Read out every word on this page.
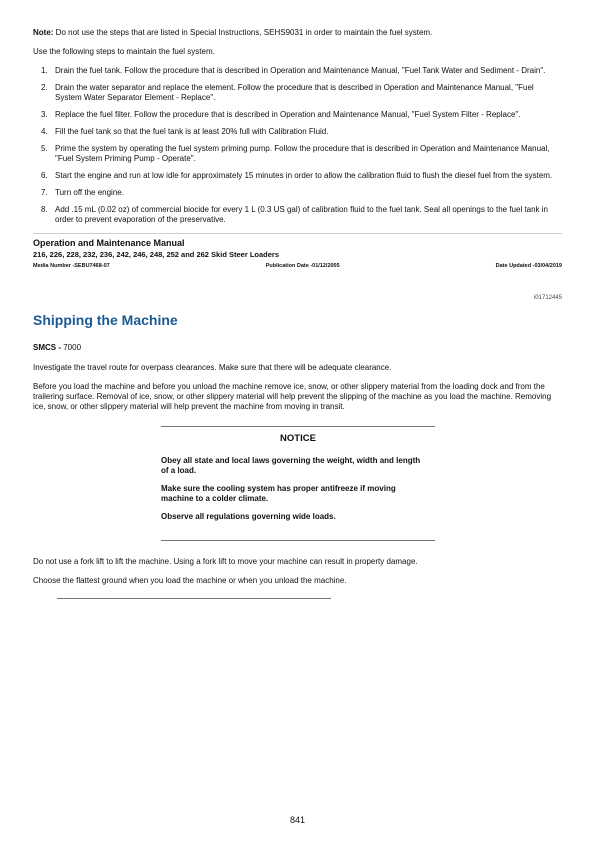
Note: Do not use the steps that are listed in Special Instructions, SEHS9031 in order to maintain the fuel system.

Use the following steps to maintain the fuel system.

1. Drain the fuel tank. Follow the procedure that is described in Operation and Maintenance Manual, "Fuel Tank Water and Sediment - Drain".
2. Drain the water separator and replace the element. Follow the procedure that is described in Operation and Maintenance Manual, "Fuel System Water Separator Element - Replace".
3. Replace the fuel filter. Follow the procedure that is described in Operation and Maintenance Manual, "Fuel System Filter - Replace".
4. Fill the fuel tank so that the fuel tank is at least 20% full with Calibration Fluid.
5. Prime the system by operating the fuel system priming pump. Follow the procedure that is described in Operation and Maintenance Manual, "Fuel System Priming Pump - Operate".
6. Start the engine and run at low idle for approximately 15 minutes in order to allow the calibration fluid to flush the diesel fuel from the system.
7. Turn off the engine.
8. Add .15 mL (0.02 oz) of commercial biocide for every 1 L (0.3 US gal) of calibration fluid to the fuel tank. Seal all openings to the fuel tank in order to prevent evaporation of the preservative.
Operation and Maintenance Manual
216, 226, 228, 232, 236, 242, 246, 248, 252 and 262 Skid Steer Loaders
Media Number -SEBU7468-07	Publication Date -01/12/2005	Date Updated -03/04/2019
i01712445
Shipping the Machine

SMCS - 7000

Investigate the travel route for overpass clearances. Make sure that there will be adequate clearance.

Before you load the machine and before you unload the machine remove ice, snow, or other slippery material from the loading dock and from the trailering surface. Removal of ice, snow, or other slippery material will help prevent the slipping of the machine as you load the machine. Removing ice, snow, or other slippery material will help prevent the machine from moving in transit.

NOTICE
Obey all state and local laws governing the weight, width and length of a load.
Make sure the cooling system has proper antifreeze if moving machine to a colder climate.
Observe all regulations governing wide loads.

Do not use a fork lift to lift the machine. Using a fork lift to move your machine can result in property damage.

Choose the flattest ground when you load the machine or when you unload the machine.

841
